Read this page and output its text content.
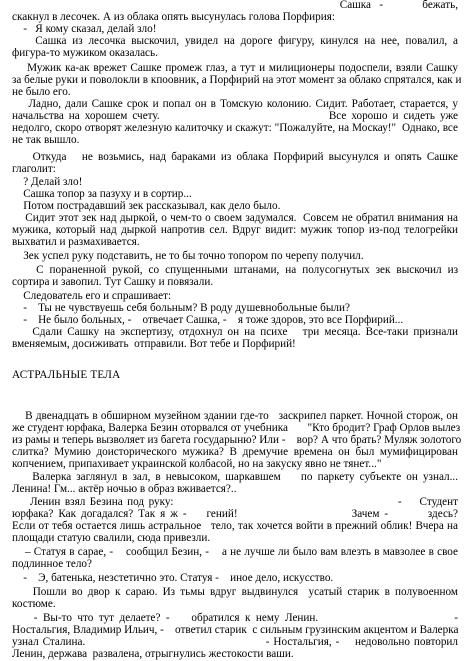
Сашка   -              бежать,

скакнул в лесочек. А из облака опять высунулась голова Порфирия:

-   Я кому сказал, делай зло!

Сашка из лесочка выскочил, увидел на дороге фигуру, кинулся на нее, повалил, а

фигура-то мужиком оказалась.

Мужик ка-ак врежет Сашке промеж глаз, а тут и милиционеры подоспели, взяли Сашку

за белые руки и поволокли в кпоовник, а Порфирий на этот момент за облако спрятался, как и

не было его.

Ладно, дали Сашке срок и попал он в Томскую колонию. Сидит. Работает, старается, у

начальства на хорошем счету.                                  Все хорошо и сидеть уже

недолго, скоро отворят железную калиточку и скажут: "Пожалуйте, на Москау!"  Однако, все

не так вышло.

Откуда   не возьмись, над бараками из облака Порфирий высунулся и опять Сашке

глаголит:

? Делай зло!

Сашка топор за пазуху и в сортир...

Потом пострадавший зек рассказывал, как дело было.

Сидит этот зек над дыркой, о чем-то о своем задумался.  Совсем не обратил внимания на

мужика, который над дыркой напротив сел. Вдруг видит: мужик топор из-под телогрейки

выхватил и размахивается.

Зек успел руку подставить, не то бы точно топором по черепу получил.

С пораненной рукой, со спущенными штанами, на полусогнутых зек выскочил из

сортира и завопил. Тут Сашку и повязали.

Следователь его и спрашивает:

-    Ты не чувствуешь себя больным? В роду душевнобольные были?

-    Не было больных, -    отвечает Сашка, -    я тоже здоров, это все Порфирий...

Сдали Сашку на экспертизу, отдохнул он на психе   три месяца. Все-таки признали

вменяемым, досиживать  отправили. Вот тебе и Порфирий!

АСТРАЛЬНЫЕ ТЕЛА

В двенадцать в обширном музейном здании где-то   заскрипел паркет. Ночной сторож, он

же студент юрфака, Валерка Безин оторвался от учебника       "Кто бродит? Граф Орлов вылез

из рамы и теперь вызволяет из багета государыню? Или -    вор? А что брать? Муляж золотого

слитка? Мумию доисторического мужика? В дремучие времена он был мумифицирован

копчением, припахивает украинской колбасой, но на закуску явно не тянет..."

Валерка заглянул в зал, в невысоком, шаркавшем    по паркету субъекте он узнал...

Ленина! Гм... актёр ночью в образ вживается?..

Ленин взял Безина под руку:                                                  -    Студент

юрфака? Как догадался? Так я ж -    гений!                       Зачем -        здесь?

Если от тебя остается лишь астральное   тело, так хочется войти в прежний облик! Вчера на

площади статую свалили, сюда привезли.

– Статуя в сарае, -    сообщил Безин, -    а не лучше ли было вам влезть в мавзолее в свое

подлинное тело?

-    Э, батенька, незстетично это. Статуя -    иное дело, искусство.

Пошли во двор к сараю. Из тьмы вдруг выдвинулся  усатый старик в полувоенном

костюме.

- Вы-то что тут делаете? -    обратился к нему Ленин.                         -

Ностальгия, Владимир Ильич, -    ответил старик  с сильным грузинским акцентом и Валерка

узнал Сталина.                                              - Ностальгия, -    недовольно повторил

Ленин, держава  развалена, отрыгнулись жестокости ваши.
